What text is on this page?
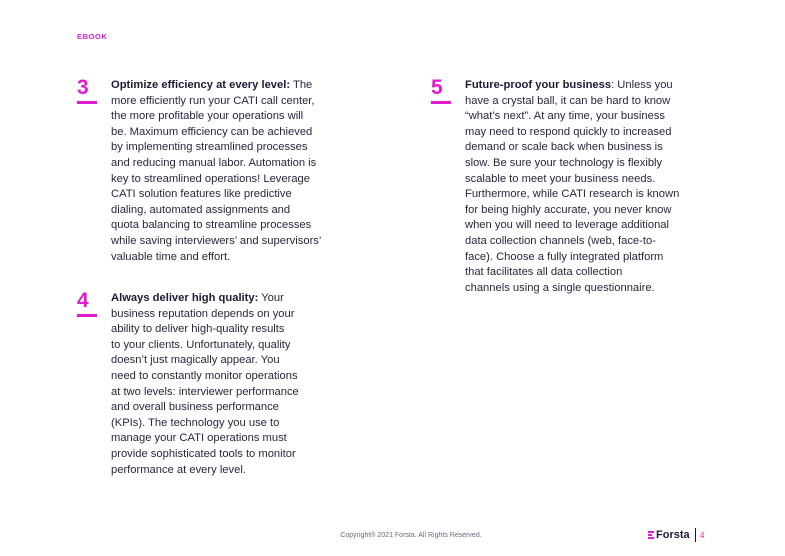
EBOOK
3	Optimize efficiency at every level: The
more efficiently run your CATI call center,
the more profitable your operations will
be. Maximum efficiency can be achieved
by implementing streamlined processes
and reducing manual labor. Automation is
key to streamlined operations! Leverage
CATI solution features like predictive
dialing, automated assignments and
quota balancing to streamline processes
while saving interviewers’ and supervisors’
valuable time and effort.
4	Always deliver high quality: Your
business reputation depends on your
ability to deliver high-quality results
to your clients. Unfortunately, quality
doesn’t just magically appear. You
need to constantly monitor operations
at two levels: interviewer performance
and overall business performance
(KPIs). The technology you use to
manage your CATI operations must
provide sophisticated tools to monitor
performance at every level.
5	Future-proof your business: Unless you
have a crystal ball, it can be hard to know
“what’s next”. At any time, your business
may need to respond quickly to increased
demand or scale back when business is
slow. Be sure your technology is flexibly
scalable to meet your business needs.
Furthermore, while CATI research is known
for being highly accurate, you never know
when you will need to leverage additional
data collection channels (web, face-to-
face). Choose a fully integrated platform
that facilitates all data collection
channels using a single questionnaire.
Copyright® 2021 Forsta. All Rights Reserved.	Forsta 4
